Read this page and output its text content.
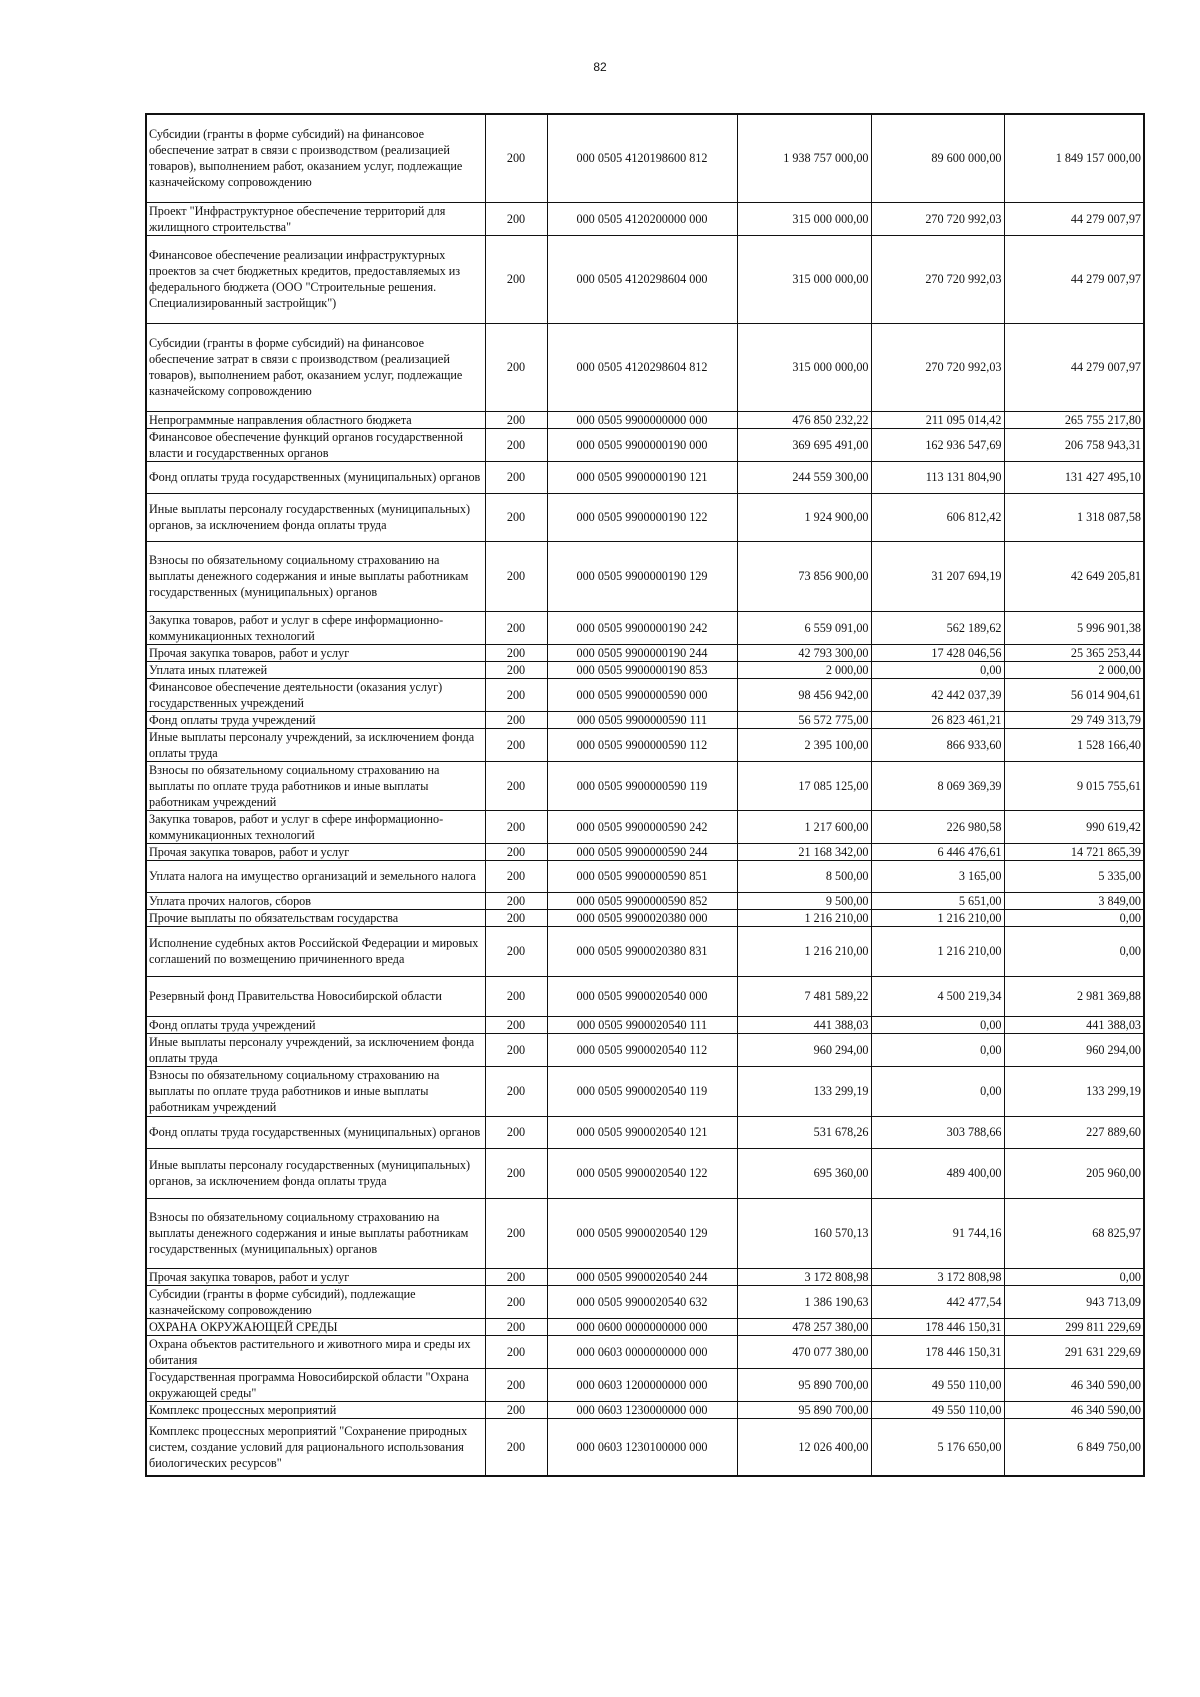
82
Субсидии (гранты в форме субсидий) на финансовое обеспечение затрат в связи с производством (реализацией товаров), выполнением работ, оказанием услуг, подлежащие казначейскому сопровождению	200	000 0505 4120198600 812	1 938 757 000,00	89 600 000,00	1 849 157 000,00
Проект "Инфраструктурное обеспечение территорий для жилищного строительства"	200	000 0505 4120200000 000	315 000 000,00	270 720 992,03	44 279 007,97
Финансовое обеспечение реализации инфраструктурных проектов за счет бюджетных кредитов, предоставляемых из федерального бюджета (ООО "Строительные решения. Специализированный застройщик")	200	000 0505 4120298604 000	315 000 000,00	270 720 992,03	44 279 007,97
Субсидии (гранты в форме субсидий) на финансовое обеспечение затрат в связи с производством (реализацией товаров), выполнением работ, оказанием услуг, подлежащие казначейскому сопровождению	200	000 0505 4120298604 812	315 000 000,00	270 720 992,03	44 279 007,97
Непрограммные направления областного бюджета	200	000 0505 9900000000 000	476 850 232,22	211 095 014,42	265 755 217,80
Финансовое обеспечение функций органов государственной власти и государственных органов	200	000 0505 9900000190 000	369 695 491,00	162 936 547,69	206 758 943,31
Фонд оплаты труда государственных (муниципальных) органов	200	000 0505 9900000190 121	244 559 300,00	113 131 804,90	131 427 495,10
Иные выплаты персоналу государственных (муниципальных) органов, за исключением фонда оплаты труда	200	000 0505 9900000190 122	1 924 900,00	606 812,42	1 318 087,58
Взносы по обязательному социальному страхованию на выплаты денежного содержания и иные выплаты работникам государственных (муниципальных) органов	200	000 0505 9900000190 129	73 856 900,00	31 207 694,19	42 649 205,81
Закупка товаров, работ и услуг в сфере информационно-коммуникационных технологий	200	000 0505 9900000190 242	6 559 091,00	562 189,62	5 996 901,38
Прочая закупка товаров, работ и услуг	200	000 0505 9900000190 244	42 793 300,00	17 428 046,56	25 365 253,44
Уплата иных платежей	200	000 0505 9900000190 853	2 000,00	0,00	2 000,00
Финансовое обеспечение деятельности (оказания услуг) государственных учреждений	200	000 0505 9900000590 000	98 456 942,00	42 442 037,39	56 014 904,61
Фонд оплаты труда учреждений	200	000 0505 9900000590 111	56 572 775,00	26 823 461,21	29 749 313,79
Иные выплаты персоналу учреждений, за исключением фонда оплаты труда	200	000 0505 9900000590 112	2 395 100,00	866 933,60	1 528 166,40
Взносы по обязательному социальному страхованию на выплаты по оплате труда работников и иные выплаты работникам учреждений	200	000 0505 9900000590 119	17 085 125,00	8 069 369,39	9 015 755,61
Закупка товаров, работ и услуг в сфере информационно-коммуникационных технологий	200	000 0505 9900000590 242	1 217 600,00	226 980,58	990 619,42
Прочая закупка товаров, работ и услуг	200	000 0505 9900000590 244	21 168 342,00	6 446 476,61	14 721 865,39
Уплата налога на имущество организаций и земельного налога	200	000 0505 9900000590 851	8 500,00	3 165,00	5 335,00
Уплата прочих налогов, сборов	200	000 0505 9900000590 852	9 500,00	5 651,00	3 849,00
Прочие выплаты по обязательствам государства	200	000 0505 9900020380 000	1 216 210,00	1 216 210,00	0,00
Исполнение судебных актов Российской Федерации и мировых соглашений по возмещению причиненного вреда	200	000 0505 9900020380 831	1 216 210,00	1 216 210,00	0,00
Резервный фонд Правительства Новосибирской области	200	000 0505 9900020540 000	7 481 589,22	4 500 219,34	2 981 369,88
Фонд оплаты труда учреждений	200	000 0505 9900020540 111	441 388,03	0,00	441 388,03
Иные выплаты персоналу учреждений, за исключением фонда оплаты труда	200	000 0505 9900020540 112	960 294,00	0,00	960 294,00
Взносы по обязательному социальному страхованию на выплаты по оплате труда работников и иные выплаты работникам учреждений	200	000 0505 9900020540 119	133 299,19	0,00	133 299,19
Фонд оплаты труда государственных (муниципальных) органов	200	000 0505 9900020540 121	531 678,26	303 788,66	227 889,60
Иные выплаты персоналу государственных (муниципальных) органов, за исключением фонда оплаты труда	200	000 0505 9900020540 122	695 360,00	489 400,00	205 960,00
Взносы по обязательному социальному страхованию на выплаты денежного содержания и иные выплаты работникам государственных (муниципальных) органов	200	000 0505 9900020540 129	160 570,13	91 744,16	68 825,97
Прочая закупка товаров, работ и услуг	200	000 0505 9900020540 244	3 172 808,98	3 172 808,98	0,00
Субсидии (гранты в форме субсидий), подлежащие казначейскому сопровождению	200	000 0505 9900020540 632	1 386 190,63	442 477,54	943 713,09
ОХРАНА ОКРУЖАЮЩЕЙ СРЕДЫ	200	000 0600 0000000000 000	478 257 380,00	178 446 150,31	299 811 229,69
Охрана объектов растительного и животного мира и среды их обитания	200	000 0603 0000000000 000	470 077 380,00	178 446 150,31	291 631 229,69
Государственная программа Новосибирской области "Охрана окружающей среды"	200	000 0603 1200000000 000	95 890 700,00	49 550 110,00	46 340 590,00
Комплекс процессных мероприятий	200	000 0603 1230000000 000	95 890 700,00	49 550 110,00	46 340 590,00
Комплекс процессных мероприятий "Сохранение природных систем, создание условий для рационального использования биологических ресурсов"	200	000 0603 1230100000 000	12 026 400,00	5 176 650,00	6 849 750,00
